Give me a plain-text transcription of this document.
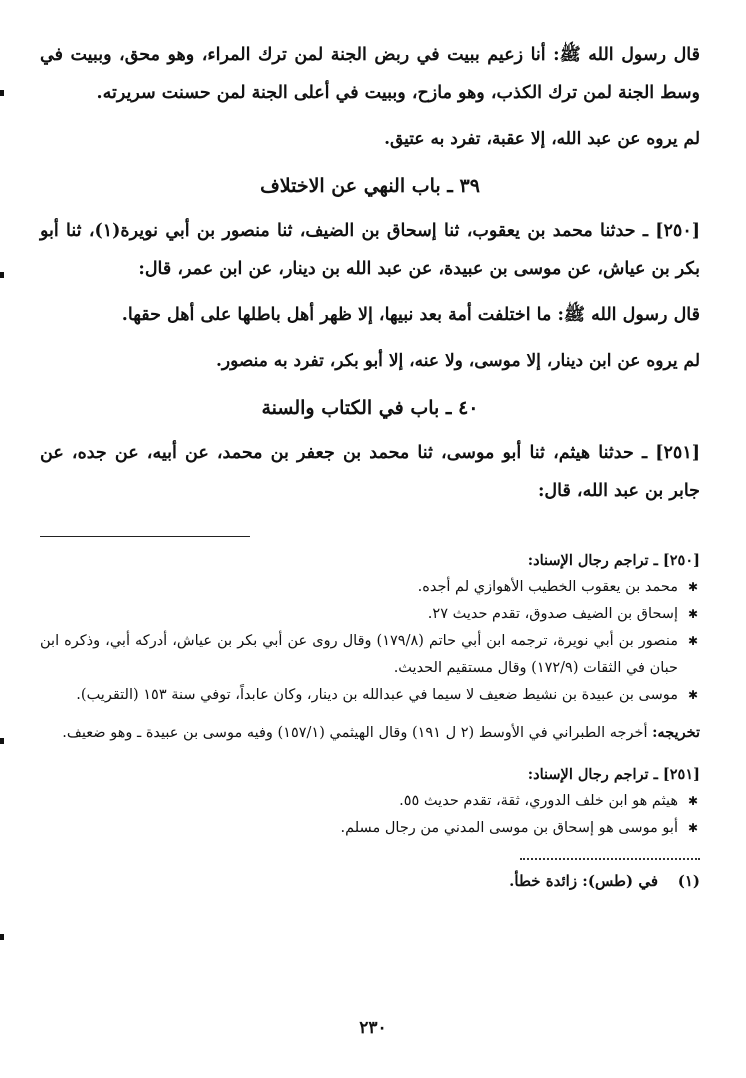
قال رسول الله ﷺ: أنا زعيم ببيت في ربض الجنة لمن ترك المراء، وهو محق، وببيت في وسط الجنة لمن ترك الكذب، وهو مازح، وببيت في أعلى الجنة لمن حسنت سريرته.

لم يروه عن عبد الله، إلا عقبة، تفرد به عتيق.

٣٩ ـ باب النهي عن الاختلاف

[٢٥٠] ـ حدثنا محمد بن يعقوب، ثنا إسحاق بن الضيف، ثنا منصور بن أبي نويرة(١)، ثنا أبو بكر بن عياش، عن موسى بن عبيدة، عن عبد الله بن دينار، عن ابن عمر، قال:

قال رسول الله ﷺ: ما اختلفت أمة بعد نبيها، إلا ظهر أهل باطلها على أهل حقها.

لم يروه عن ابن دينار، إلا موسى، ولا عنه، إلا أبو بكر، تفرد به منصور.

٤٠ ـ باب في الكتاب والسنة

[٢٥١] ـ حدثنا هيثم، ثنا أبو موسى، ثنا محمد بن جعفر بن محمد، عن أبيه، عن جده، عن جابر بن عبد الله، قال:

[٢٥٠] ـ تراجم رجال الإسناد:

✱ محمد بن يعقوب الخطيب الأهوازي لم أجده.

✱ إسحاق بن الضيف صدوق، تقدم حديث ٢٧.

✱ منصور بن أبي نويرة، ترجمه ابن أبي حاتم (١٧٩/٨) وقال روى عن أبي بكر بن عياش، أدركه أبي، وذكره ابن حبان في الثقات (١٧٢/٩) وقال مستقيم الحديث.

✱ موسى بن عبيدة بن نشيط ضعيف لا سيما في عبدالله بن دينار، وكان عابداً، توفي سنة ١٥٣ (التقريب).

تخريجه: أخرجه الطبراني في الأوسط (٢ ل ١٩١) وقال الهيثمي (١٥٧/١) وفيه موسى بن عبيدة ـ وهو ضعيف.

[٢٥١] ـ تراجم رجال الإسناد:

✱ هيثم هو ابن خلف الدوري، ثقة، تقدم حديث ٥٥.

✱ أبو موسى هو إسحاق بن موسى المدني من رجال مسلم.

(١)
في (طس): زائدة خطأ.
٢٣٠
